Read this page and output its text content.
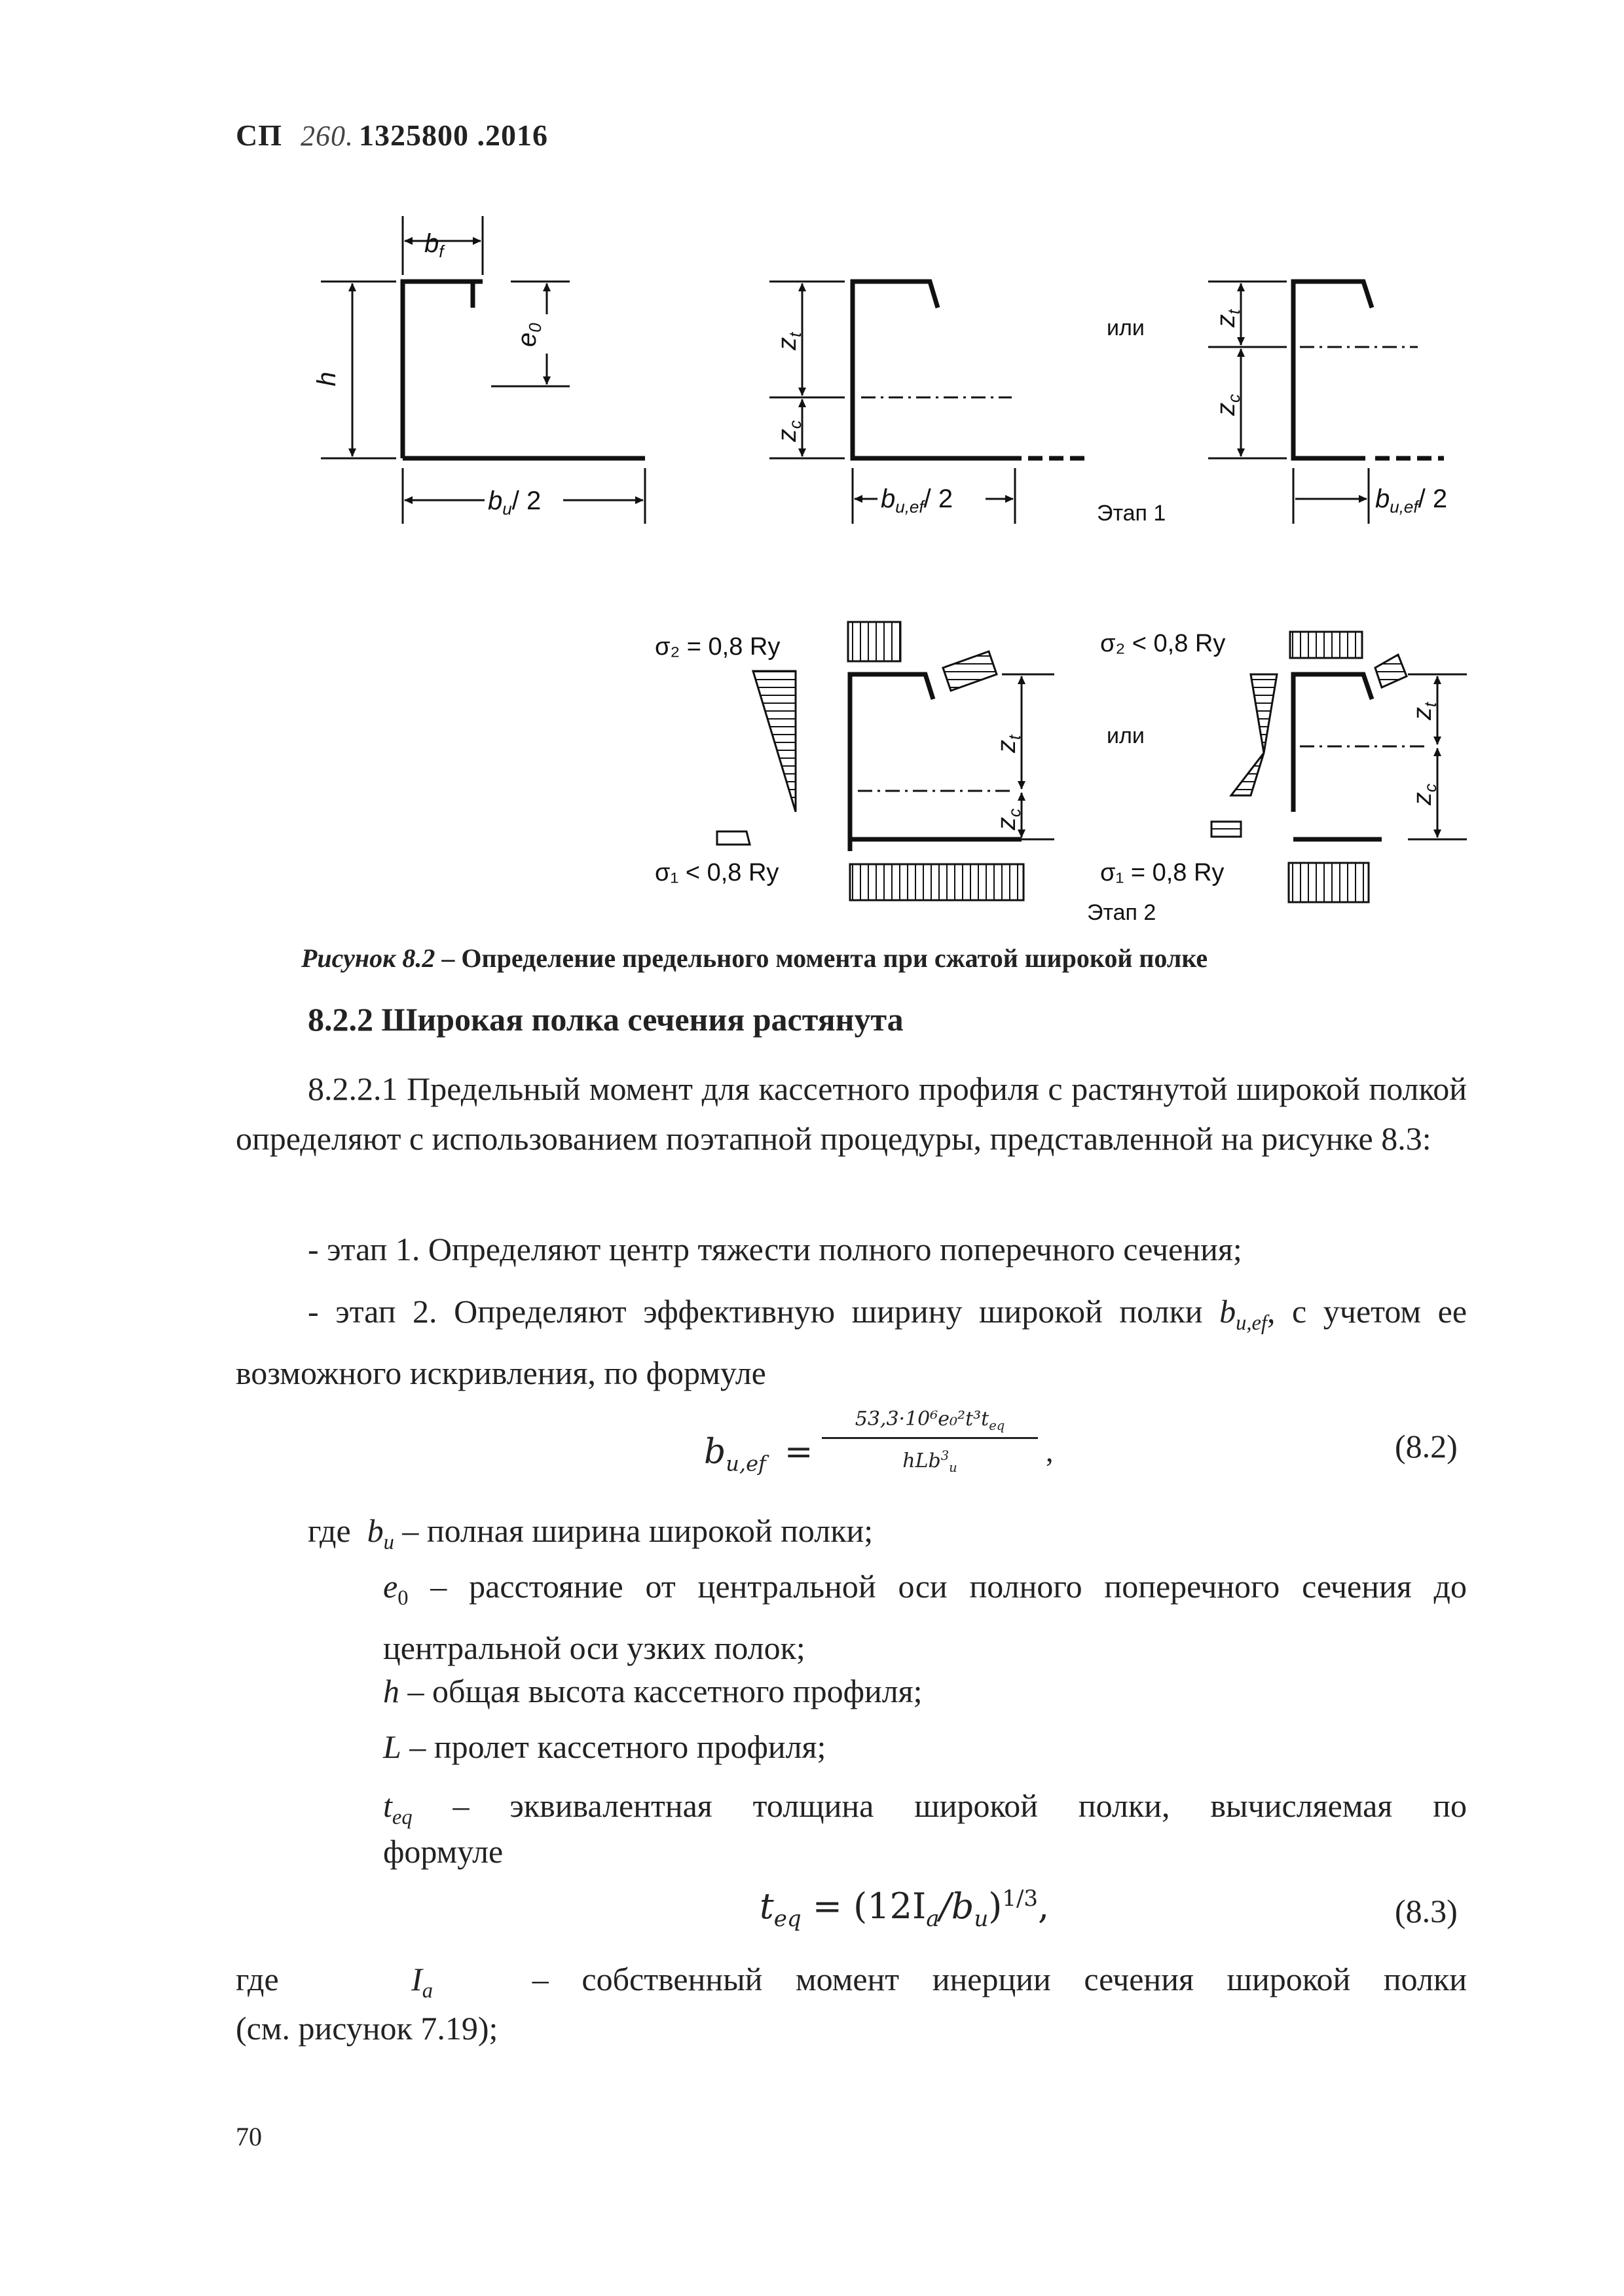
СП 260. 1325800 .2016
$b_f$
h
$e_0$
$b_u/$ 2
$z_t$
$z_c$
$b_{u,ef}/$ 2
или
Этап 1
$z_t$
$z_c$
$b_{u,ef}/$ 2
σ₂ = 0,8 Ry
σ₁ < 0,8 Ry
$z_t$
$z_c$
или
σ₂ < 0,8 Ry
σ₁ = 0,8 Ry
Этап 2
$z_t$
$z_c$
Рисунок 8.2 – Определение предельного момента при сжатой широкой полке
8.2.2 Широкая полка сечения растянута
8.2.2.1 Предельный момент для кассетного профиля с растянутой широкой полкой определяют с использованием поэтапной процедуры, представленной на рисунке 8.3:
- этап 1. Определяют центр тяжести полного поперечного сечения;
- этап 2. Определяют эффективную ширину широкой полки $b_{u,ef}$, с учетом ее возможного искривления, по формуле
$b_{u,ef}$ =
$53,3\cdot 10^6e_0^2t^3t_{eq}$
hLb$^3_u$	,	(8.2)
где $b_u$ – полная ширина широкой полки;
$e_0$ – расстояние от центральной оси полного поперечного сечения до центральной оси узких полок;
h – общая высота кассетного профиля;
L – пролет кассетного профиля;
$t_{eq}$ – эквивалентная толщина широкой полки, вычисляемая по
формуле
$t_{eq} = (12I_a/b_u)^{1/3}$,	(8.3)
где	$I_a$	– собственный момент инерции сечения широкой полки
(см. рисунок 7.19);
70
